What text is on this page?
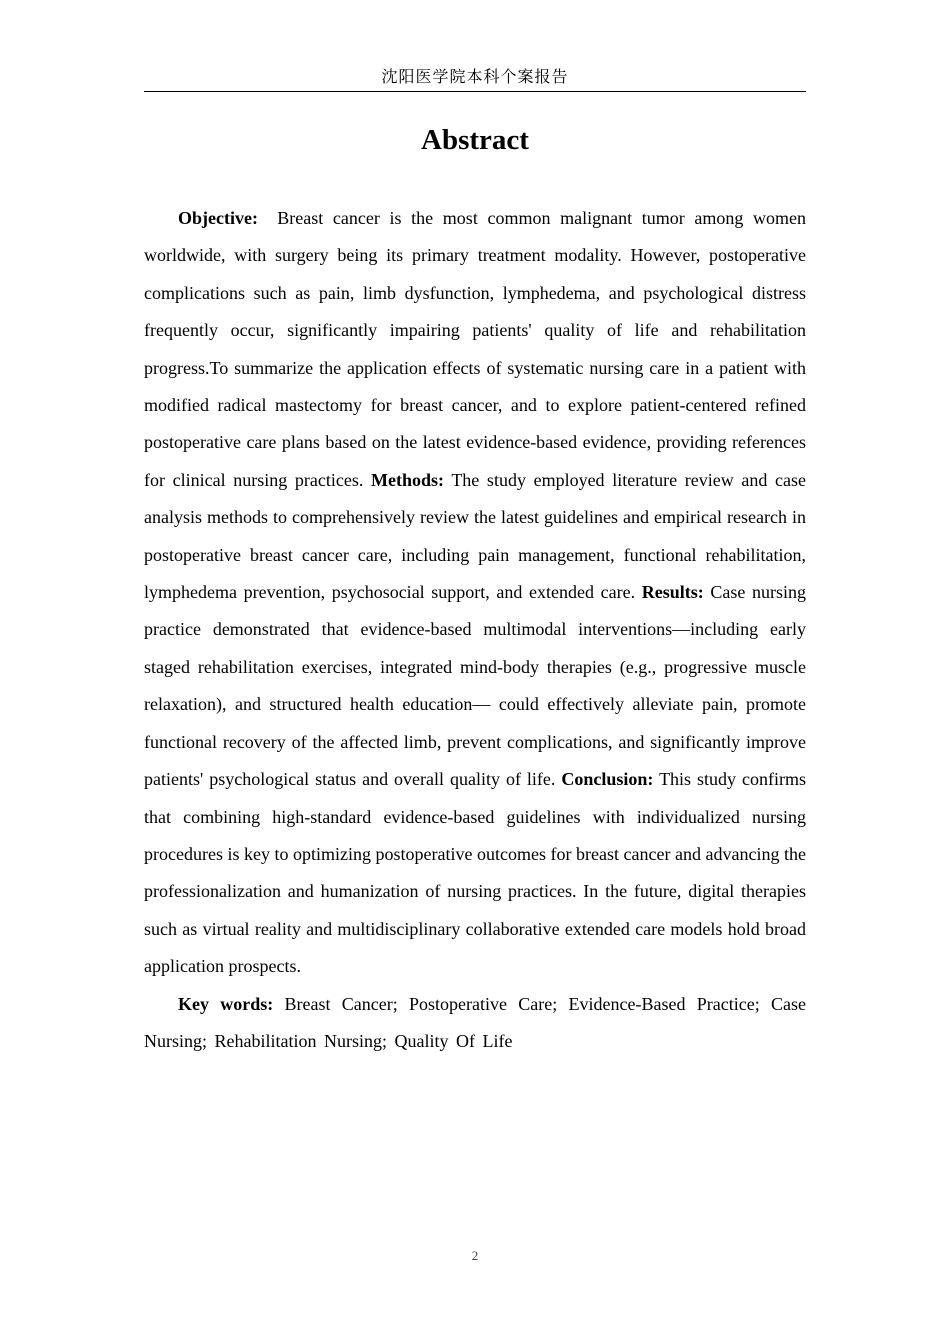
沈阳医学院本科个案报告
Abstract

Objective: Breast cancer is the most common malignant tumor among women worldwide, with surgery being its primary treatment modality. However, postoperative complications such as pain, limb dysfunction, lymphedema, and psychological distress frequently occur, significantly impairing patients' quality of life and rehabilitation progress.To summarize the application effects of systematic nursing care in a patient with modified radical mastectomy for breast cancer, and to explore patient-centered refined postoperative care plans based on the latest evidence-based evidence, providing references for clinical nursing practices. Methods: The study employed literature review and case analysis methods to comprehensively review the latest guidelines and empirical research in postoperative breast cancer care, including pain management, functional rehabilitation, lymphedema prevention, psychosocial support, and extended care. Results: Case nursing practice demonstrated that evidence-based multimodal interventions—including early staged rehabilitation exercises, integrated mind-body therapies (e.g., progressive muscle relaxation), and structured health education— could effectively alleviate pain, promote functional recovery of the affected limb, prevent complications, and significantly improve patients' psychological status and overall quality of life. Conclusion: This study confirms that combining high-standard evidence-based guidelines with individualized nursing procedures is key to optimizing postoperative outcomes for breast cancer and advancing the professionalization and humanization of nursing practices. In the future, digital therapies such as virtual reality and multidisciplinary collaborative extended care models hold broad application prospects.

Key words: Breast Cancer; Postoperative Care; Evidence-Based Practice; Case Nursing; Rehabilitation Nursing; Quality Of Life

2
